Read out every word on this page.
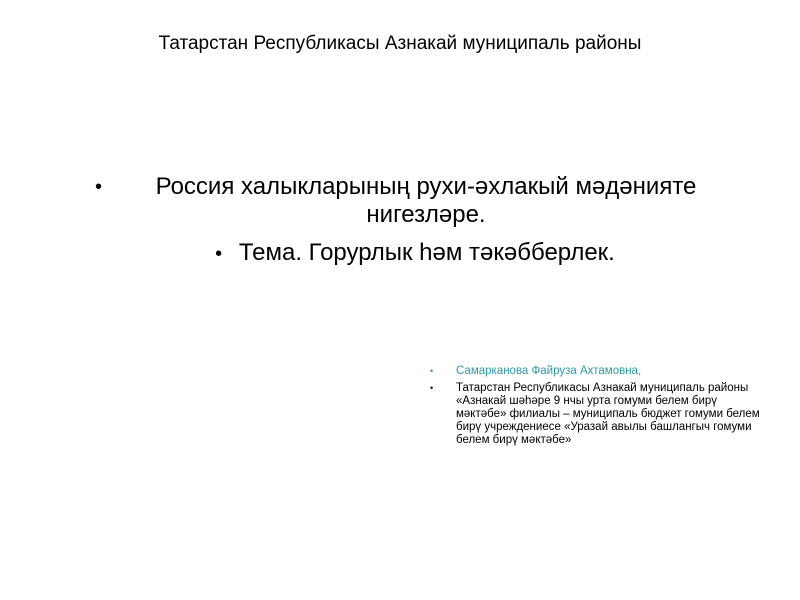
Татарстан Республикасы Азнакай муниципаль районы
• Россия халыкларының рухи-әхлакый мәдәнияте нигезләре.
• Тема. Горурлык һәм тәкәбберлек.
• Самарканова Файруза Ахтамовна,
• Татарстан Республикасы Азнакай муниципаль районы «Азнакай шәһәре 9 нчы урта гомуми белем бирү мәктәбе» филиалы – муниципаль бюджет гомуми белем бирү учреждениесе «Уразай авылы башлангыч гомуми белем бирү мәктәбе»
